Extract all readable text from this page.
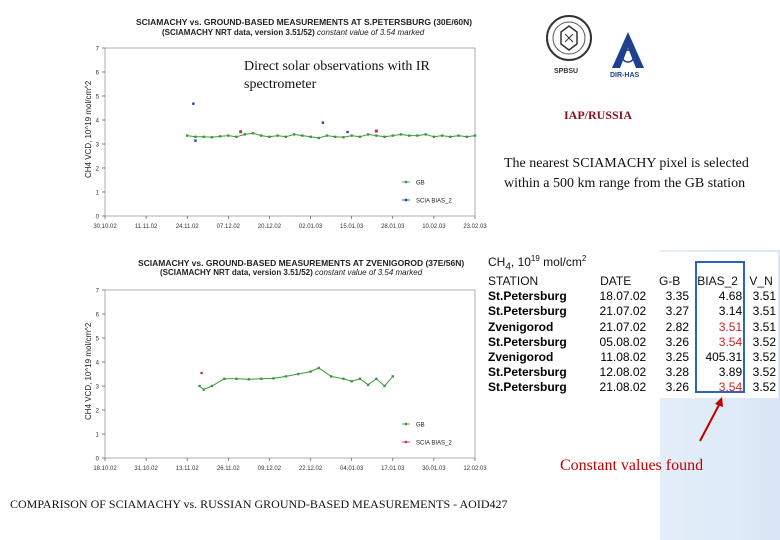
SCIAMACHY vs. GROUND-BASED MEASUREMENTS AT S.PETERSBURG (30E/60N)
(SCIAMACHY NRT data, version 3.51/52) constant value of 3.54 marked
CH4 VCD, 10^19 mol/cm^2
0
1
2
3
4
5
6
7
30.10.02	11.11.02	24.11.02	07.12.02	20.12.02	02.01.03	15.01.03	28.01.03	10.02.03	23.02.03
GB
SCIA BIAS_2
SCIAMACHY vs. GROUND-BASED MEASUREMENTS AT ZVENIGOROD (37E/56N)
(SCIAMACHY NRT data, version 3.51/52) constant value of 3.54 marked
CH4 VCD, 10^19 mol/cm^2
0
1
2
3
4
5
6
7
18.10.02	31.10.02	13.11.02	26.11.02	09.12.02	22.12.02	04.01.03	17.01.03	30.01.03	12.02.03
GB
SCIA BIAS_2
Direct solar observations with IR spectrometer
The nearest SCIAMACHY pixel is selected within a 500 km range from the GB station
SPBSU
DIR-HAS
IAP/RUSSIA
$CH_4$, $10^{19}$ mol/$cm^2$
STATION	DATE	G-B	BIAS_2	V_N
St.Petersburg	18.07.02	3.35	4.68	3.51
St.Petersburg	21.07.02	3.27	3.14	3.51
Zvenigorod	21.07.02	2.82	3.51	3.51
St.Petersburg	05.08.02	3.26	3.54	3.52
Zvenigorod	11.08.02	3.25	405.31	3.52
St.Petersburg	12.08.02	3.28	3.89	3.52
St.Petersburg	21.08.02	3.26	3.54	3.52
Constant values found
COMPARISON OF SCIAMACHY vs. RUSSIAN GROUND-BASED MEASUREMENTS - AOID427
